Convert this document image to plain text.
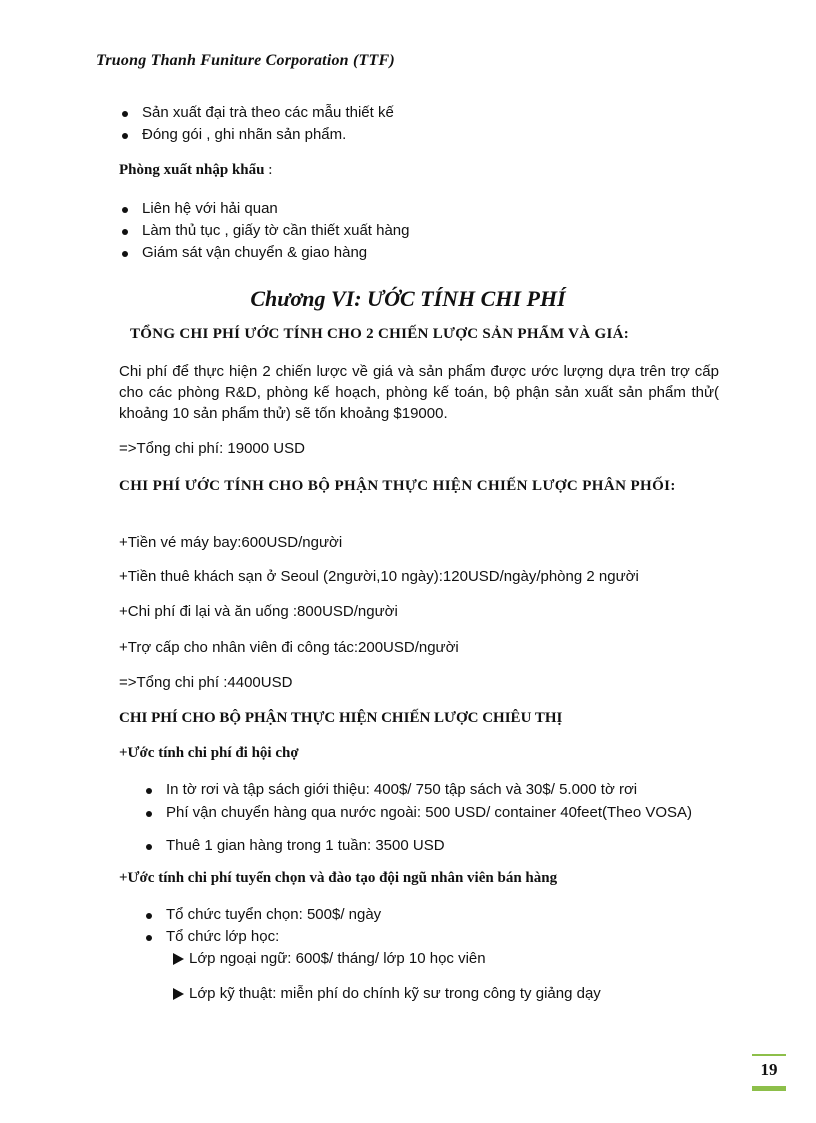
Truong Thanh Funiture Corporation (TTF)
Sản xuất đại trà theo các mẫu thiết kế
Đóng gói , ghi nhãn sản phẩm.
Phòng xuất nhập khẩu :
Liên hệ với hải quan
Làm thủ tục , giấy tờ cần thiết xuất hàng
Giám sát vận chuyển & giao hàng
Chương VI: ƯỚC TÍNH CHI PHÍ
TỔNG CHI PHÍ ƯỚC TÍNH CHO 2 CHIẾN LƯỢC SẢN PHẨM VÀ GIÁ:
Chi phí để thực hiện 2 chiến lược về giá và sản phẩm được ước lượng dựa trên trợ cấp cho các phòng R&D, phòng kế hoạch, phòng kế toán, bộ phận sản xuất sản phẩm thử( khoảng 10 sản phẩm thử) sẽ tốn khoảng $19000.
=>Tổng chi phí: 19000 USD
CHI PHÍ ƯỚC TÍNH CHO BỘ PHẬN THỰC HIỆN CHIẾN LƯỢC PHÂN PHỐI:
+Tiền vé máy bay:600USD/người
+Tiền thuê khách sạn ở Seoul (2người,10 ngày):120USD/ngày/phòng 2 người
+Chi phí đi lại và ăn uống :800USD/người
+Trợ cấp cho nhân viên đi công tác:200USD/người
=>Tổng chi phí :4400USD
CHI PHÍ CHO BỘ PHẬN THỰC HIỆN CHIẾN LƯỢC CHIÊU THỊ
+Ước tính chi phí đi hội chợ
In tờ rơi và tập sách giới thiệu: 400$/ 750 tập sách và 30$/ 5.000 tờ rơi
Phí vận chuyển hàng qua nước ngoài: 500 USD/ container 40feet(Theo VOSA)
Thuê 1 gian hàng trong 1 tuần: 3500 USD
+Ước tính chi phí tuyển chọn và đào tạo đội ngũ nhân viên bán hàng
Tổ chức tuyển chọn: 500$/ ngày
Tổ chức lớp học:
Lớp ngoại ngữ: 600$/ tháng/ lớp 10 học viên
Lớp kỹ thuật: miễn phí do chính kỹ sư trong công ty giảng dạy
19
